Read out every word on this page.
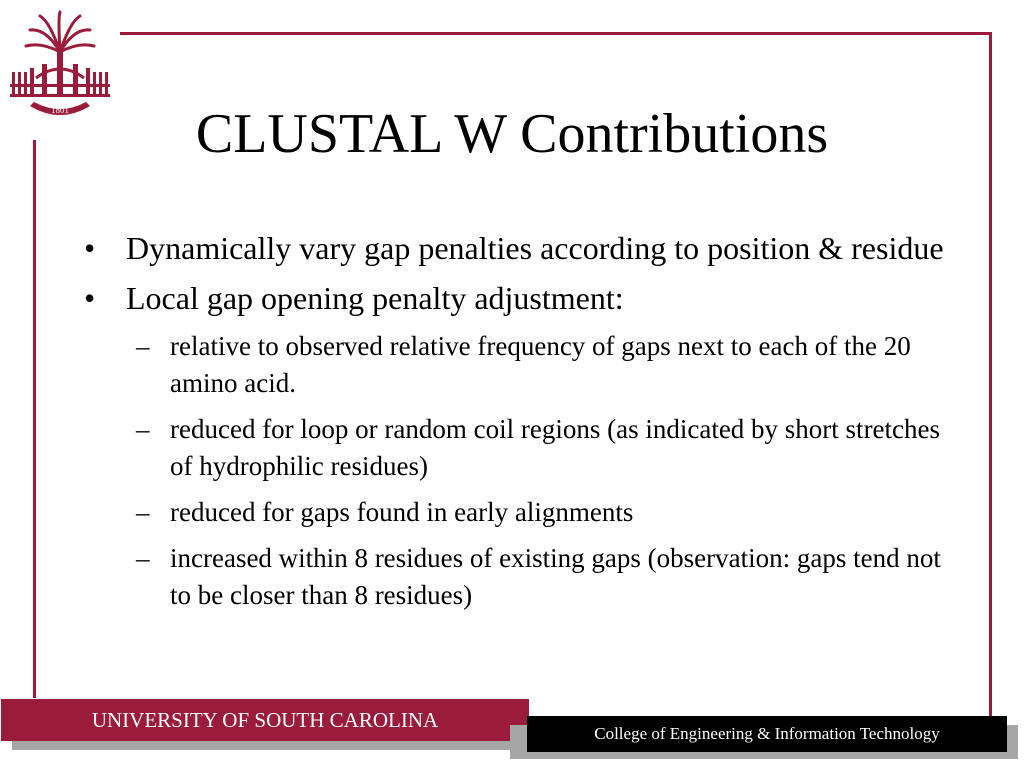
1801	CLUSTAL W Contributions
• Dynamically vary gap penalties according to position & residue
• Local gap opening penalty adjustment:
– relative to observed relative frequency of gaps next to each of the 20 amino acid.
– reduced for loop or random coil regions (as indicated by short stretches of hydrophilic residues)
– reduced for gaps found in early alignments
– increased within 8 residues of existing gaps (observation: gaps tend not to be closer than 8 residues)
UNIVERSITY OF SOUTH CAROLINA
College of Engineering & Information Technology
